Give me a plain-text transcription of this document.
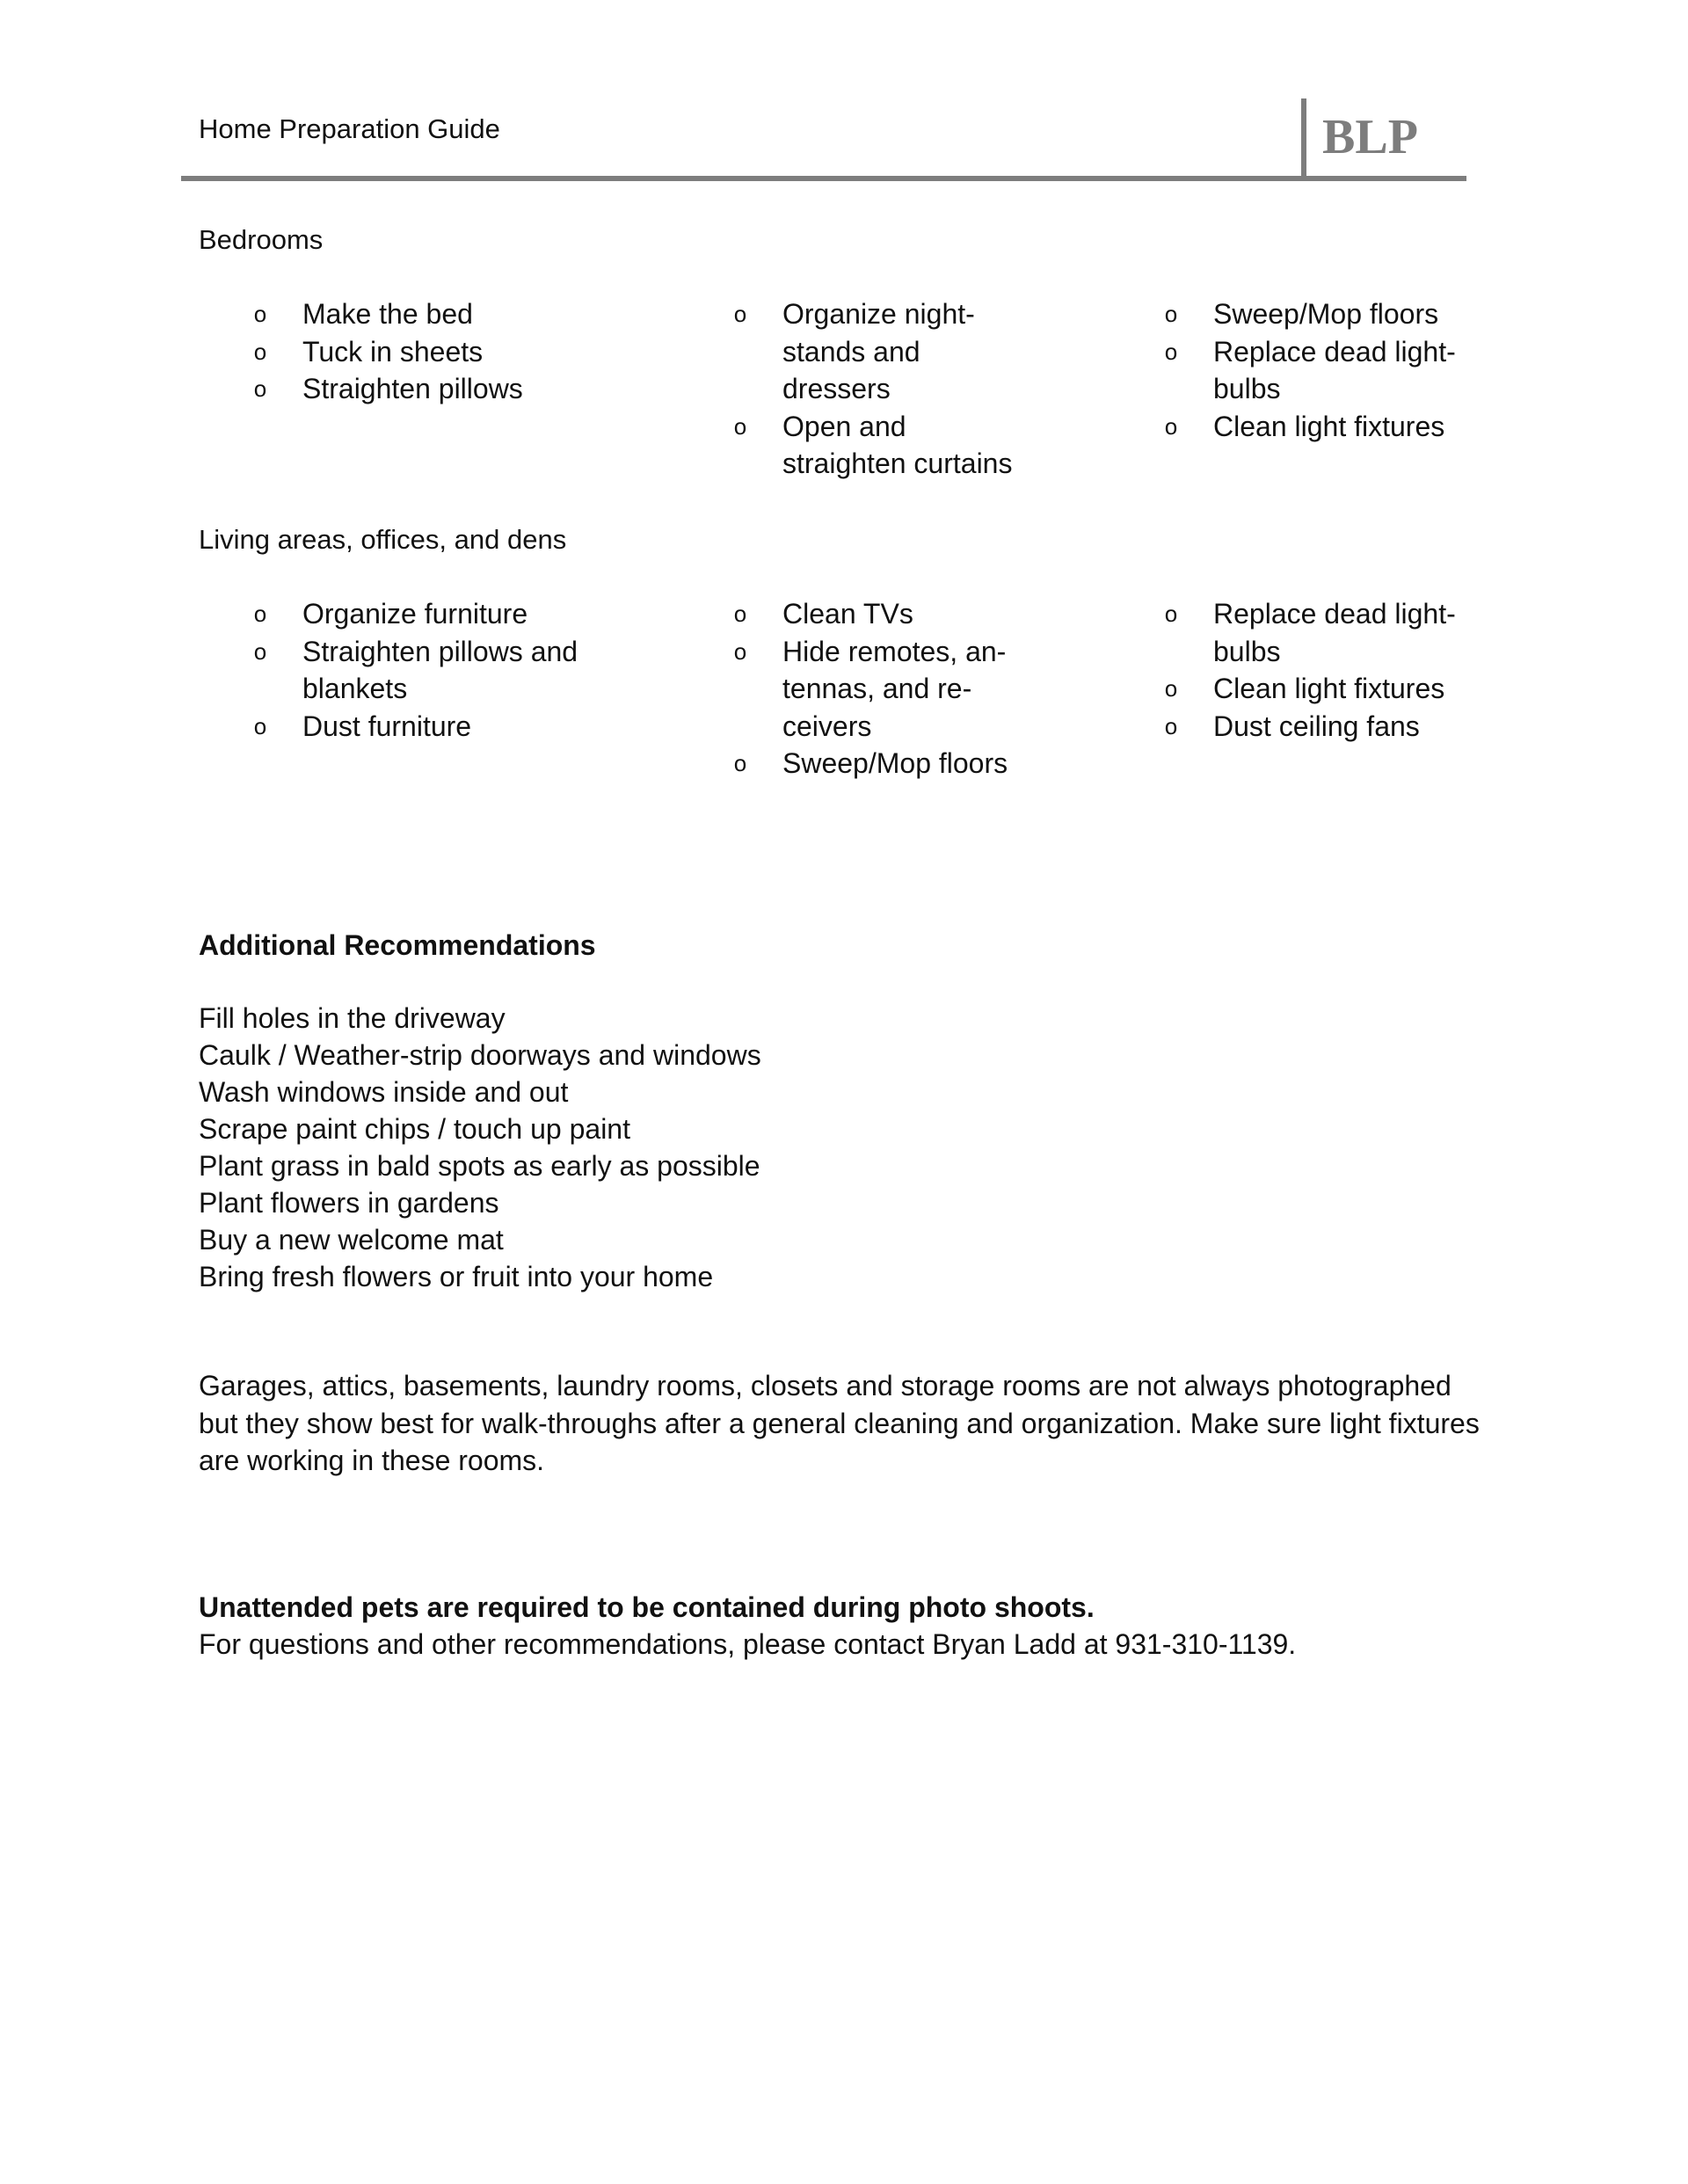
Home Preparation Guide	BLP
Bedrooms
o	Make the bed
o	Tuck in sheets
o	Straighten pillows
o	Organize night-
stands and
dressers
o	Open and
straighten curtains
o	Sweep/Mop floors
o	Replace dead light-
bulbs
o	Clean light fixtures
Living areas, offices, and dens
o	Organize furniture
o	Straighten pillows and
blankets
o	Dust furniture
o	Clean TVs
o	Hide remotes, an-
tennas, and re-
ceivers
o	Sweep/Mop floors
o	Replace dead light-
bulbs
o	Clean light fixtures
o	Dust ceiling fans
Additional Recommendations
Fill holes in the driveway
Caulk / Weather-strip doorways and windows
Wash windows inside and out
Scrape paint chips / touch up paint
Plant grass in bald spots as early as possible
Plant flowers in gardens
Buy a new welcome mat
Bring fresh flowers or fruit into your home

Garages, attics, basements, laundry rooms, closets and storage rooms are not always photographed but they show best for walk-throughs after a general cleaning and organization. Make sure light fixtures are working in these rooms.

Unattended pets are required to be contained during photo shoots.
For questions and other recommendations, please contact Bryan Ladd at 931-310-1139.
